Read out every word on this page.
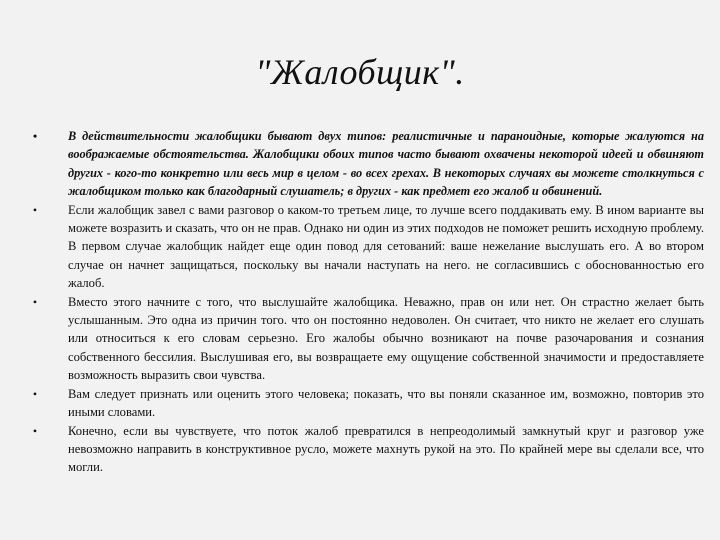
"Жалобщик".
•	В действительности жалобщики бывают двух типов: реалистичные и параноидные, которые жалуются на воображаемые обстоятельства. Жалобщики обоих типов часто бывают охвачены некоторой идеей и обвиняют других - кого-то конкретно или весь мир в целом - во всех грехах. В некоторых случаях вы можете столкнуться с жалобщиком только как благодарный слушатель; в других - как предмет его жалоб и обвинений.
• Если жалобщик завел с вами разговор о каком-то третьем лице, то лучше всего поддакивать ему. В ином варианте вы можете возразить и сказать, что он не прав. Однако ни один из этих подходов не поможет решить исходную проблему. В первом случае жалобщик найдет еще один повод для сетований: ваше нежелание выслушать его. А во втором случае он начнет защищаться, поскольку вы начали наступать на него. не согласившись с обоснованностью его жалоб.
• Вместо этого начните с того, что выслушайте жалобщика. Неважно, прав он или нет. Он страстно желает быть услышанным. Это одна из причин того. что он постоянно недоволен. Он считает, что никто не желает его слушать или относиться к его словам серьезно. Его жалобы обычно возникают на почве разочарования и сознания собственного бессилия. Выслушивая его, вы возвращаете ему ощущение собственной значимости и предоставляете возможность выразить свои чувства.
• Вам следует признать или оценить этого человека; показать, что вы поняли сказанное им, возможно, повторив это иными словами.
• Конечно, если вы чувствуете, что поток жалоб превратился в непреодолимый замкнутый круг и разговор уже невозможно направить в конструктивное русло, можете махнуть рукой на это. По крайней мере вы сделали все, что могли.
